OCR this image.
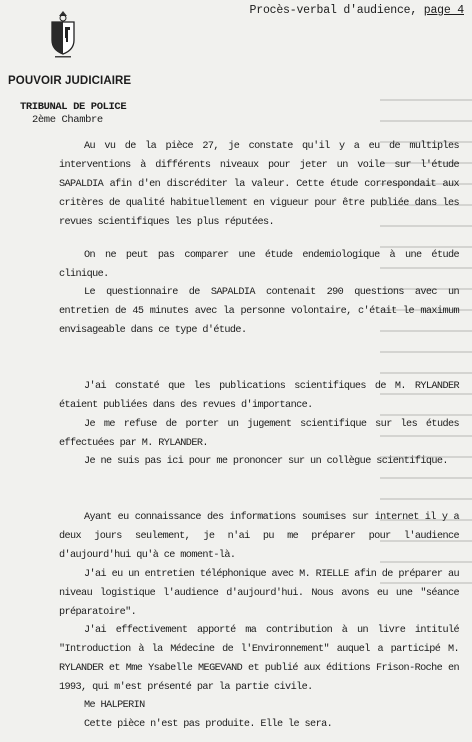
Procès-verbal d'audience, page 4
POUVOIR JUDICIAIRE
TRIBUNAL DE POLICE
2ème Chambre

Au vu de la pièce 27, je constate qu'il y a eu de multiples interventions à différents niveaux pour jeter un voile sur l'étude SAPALDIA afin d'en discréditer la valeur. Cette étude correspondait aux critères de qualité habituellement en vigueur pour être publiée dans les revues scientifiques les plus réputées.

On ne peut pas comparer une étude endemiologique à une étude clinique.

Le questionnaire de SAPALDIA contenait 290 questions avec un entretien de 45 minutes avec la personne volontaire, c'était le maximum envisageable dans ce type d'étude.

J'ai constaté que les publications scientifiques de M. RYLANDER étaient publiées dans des revues d'importance.

Je me refuse de porter un jugement scientifique sur les études effectuées par M. RYLANDER.

Je ne suis pas ici pour me prononcer sur un collègue scientifique.

Ayant eu connaissance des informations soumises sur internet il y a deux jours seulement, je n'ai pu me préparer pour l'audience d'aujourd'hui qu'à ce moment-là.

J'ai eu un entretien téléphonique avec M. RIELLE afin de préparer au niveau logistique l'audience d'aujourd'hui. Nous avons eu une "séance préparatoire".

J'ai effectivement apporté ma contribution à un livre intitulé "Introduction à la Médecine de l'Environnement" auquel a participé M. RYLANDER et Mme Ysabelle MEGEVAND et publié aux éditions Frison-Roche en 1993, qui m'est présenté par la partie civile.

Me HALPERIN

Cette pièce n'est pas produite. Elle le sera.
